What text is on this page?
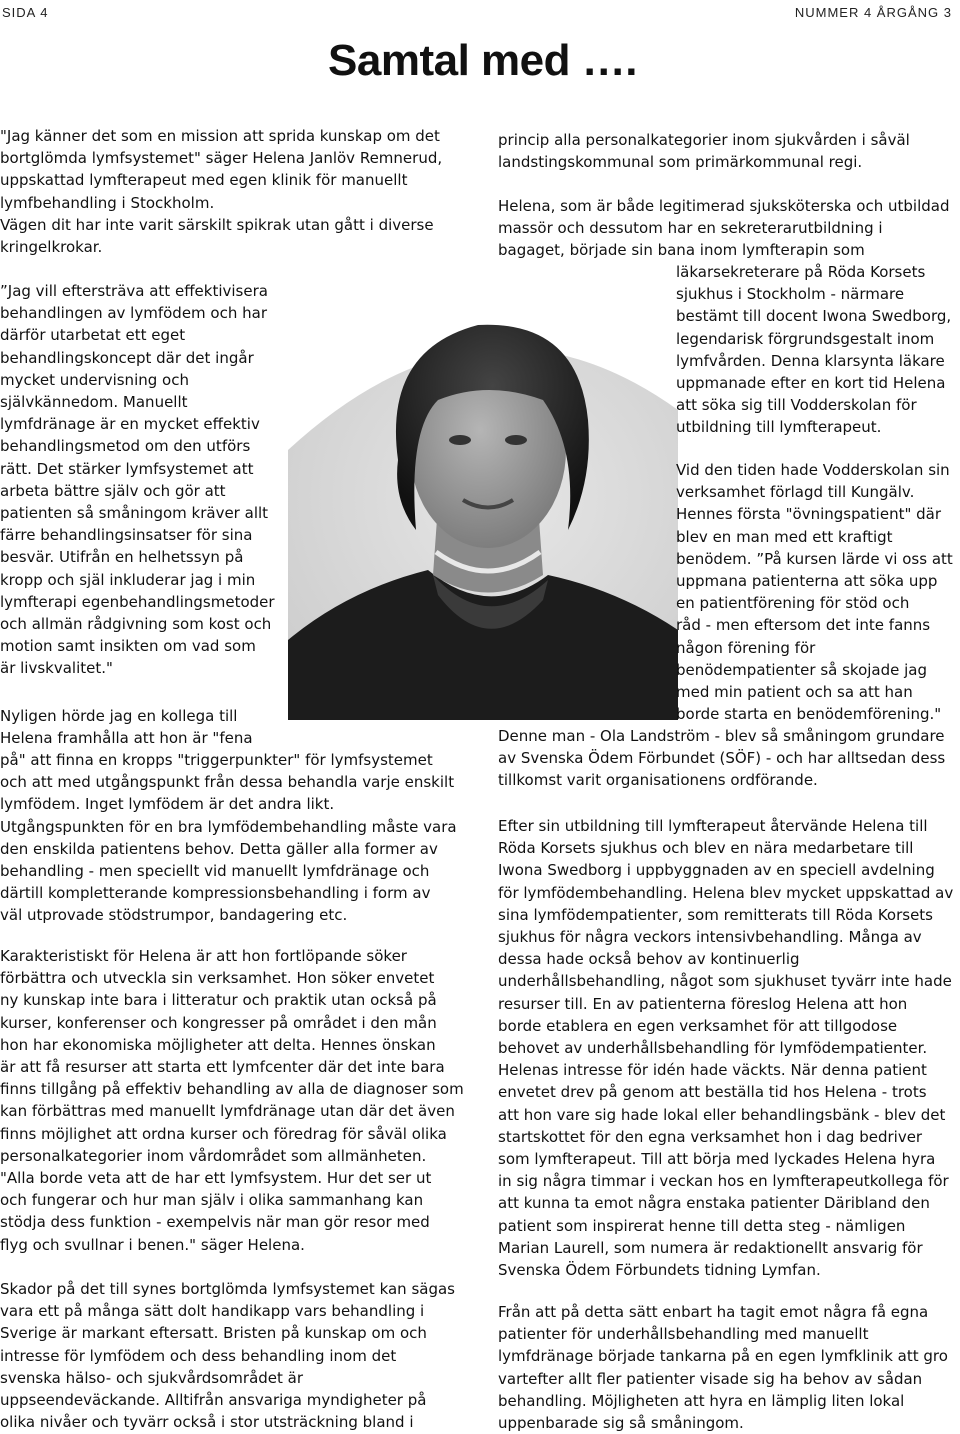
SIDA 4	NUMMER 4 ÅRGÅNG 3
Samtal med ….

"Jag känner det som en mission att sprida kunskap om det
bortglömda lymfsystemet" säger Helena Janlöv Remnerud,
uppskattad lymfterapeut med egen klinik för manuellt
lymfbehandling i Stockholm.
Vägen dit har inte varit särskilt spikrak utan gått i diverse
kringelkrokar.

”Jag vill eftersträva att effektivisera
behandlingen av lymfödem och har
därför utarbetat ett eget
behandlingskoncept där det ingår
mycket undervisning och
självkännedom. Manuellt
lymfdränage är en mycket effektiv
behandlingsmetod om den utförs
rätt. Det stärker lymfsystemet att
arbeta bättre själv och gör att
patienten så småningom kräver allt
färre behandlingsinsatser för sina
besvär. Utifrån en helhetssyn på
kropp och själ inkluderar jag i min
lymfterapi egenbehandlingsmetoder
och allmän rådgivning som kost och
motion samt insikten om vad som
är livskvalitet."

Nyligen hörde jag en kollega till
Helena framhålla att hon är "fena

på" att finna en kropps "triggerpunkter" för lymfsystemet
och att med utgångspunkt från dessa behandla varje enskilt
lymfödem. Inget lymfödem är det andra likt.
Utgångspunkten för en bra lymfödembehandling måste vara
den enskilda patientens behov. Detta gäller alla former av
behandling - men speciellt vid manuellt lymfdränage och
därtill kompletterande kompressionsbehandling i form av
väl utprovade stödstrumpor, bandagering etc.

Karakteristiskt för Helena är att hon fortlöpande söker
förbättra och utveckla sin verksamhet. Hon söker envetet
ny kunskap inte bara i litteratur och praktik utan också på
kurser, konferenser och kongresser på området i den mån
hon har ekonomiska möjligheter att delta. Hennes önskan
är att få resurser att starta ett lymfcenter där det inte bara
finns tillgång på effektiv behandling av alla de diagnoser som
kan förbättras med manuellt lymfdränage utan där det även
finns möjlighet att ordna kurser och föredrag för såväl olika
personalkategorier inom vårdområdet som allmänheten.
"Alla borde veta att de har ett lymfsystem. Hur det ser ut
och fungerar och hur man själv i olika sammanhang kan
stödja dess funktion - exempelvis när man gör resor med
flyg och svullnar i benen." säger Helena.

Skador på det till synes bortglömda lymfsystemet kan sägas
vara ett på många sätt dolt handikapp vars behandling i
Sverige är markant eftersatt. Bristen på kunskap om och
intresse för lymfödem och dess behandling inom det
svenska hälso- och sjukvårdsområdet är
uppseendeväckande. Alltifrån ansvariga myndigheter på
olika nivåer och tyvärr också i stor utsträckning bland i

princip alla personalkategorier inom sjukvården i såväl
landstingskommunal som primärkommunal regi.

Helena, som är både legitimerad sjuksköterska och utbildad
massör och dessutom har en sekreterarutbildning i
bagaget, började sin bana inom lymfterapin som

läkarsekreterare på Röda Korsets
sjukhus i Stockholm - närmare
bestämt till docent Iwona Swedborg,
legendarisk förgrundsgestalt inom
lymfvården. Denna klarsynta läkare
uppmanade efter en kort tid Helena
att söka sig till Vodderskolan för
utbildning till lymfterapeut.

Vid den tiden hade Vodderskolan sin
verksamhet förlagd till Kungälv.
Hennes första "övningspatient" där
blev en man med ett kraftigt
benödem. ”På kursen lärde vi oss att
uppmana patienterna att söka upp
en patientförening för stöd och
råd - men eftersom det inte fanns
någon förening för
benödempatienter så skojade jag
med min patient och sa att han
borde starta en benödemförening."

Denne man - Ola Landström - blev så småningom grundare
av Svenska Ödem Förbundet (SÖF) - och har alltsedan dess
tillkomst varit organisationens ordförande.

Efter sin utbildning till lymfterapeut återvände Helena till
Röda Korsets sjukhus och blev en nära medarbetare till
Iwona Swedborg i uppbyggnaden av en speciell avdelning
för lymfödembehandling. Helena blev mycket uppskattad av
sina lymfödempatienter, som remitterats till Röda Korsets
sjukhus för några veckors intensivbehandling. Många av
dessa hade också behov av kontinuerlig
underhållsbehandling, något som sjukhuset tyvärr inte hade
resurser till. En av patienterna föreslog Helena att hon
borde etablera en egen verksamhet för att tillgodose
behovet av underhållsbehandling för lymfödempatienter.
Helenas intresse för idén hade väckts. När denna patient
envetet drev på genom att beställa tid hos Helena - trots
att hon vare sig hade lokal eller behandlingsbänk - blev det
startskottet för den egna verksamhet hon i dag bedriver
som lymfterapeut. Till att börja med lyckades Helena hyra
in sig några timmar i veckan hos en lymfterapeutkollega för
att kunna ta emot några enstaka patienter Däribland den
patient som inspirerat henne till detta steg - nämligen
Marian Laurell, som numera är redaktionellt ansvarig för
Svenska Ödem Förbundets tidning Lymfan.

Från att på detta sätt enbart ha tagit emot några få egna
patienter för underhållsbehandling med manuellt
lymfdränage började tankarna på en egen lymfklinik att gro
vartefter allt fler patienter visade sig ha behov av sådan
behandling. Möjligheten att hyra en lämplig liten lokal
uppenbarade sig så småningom.
